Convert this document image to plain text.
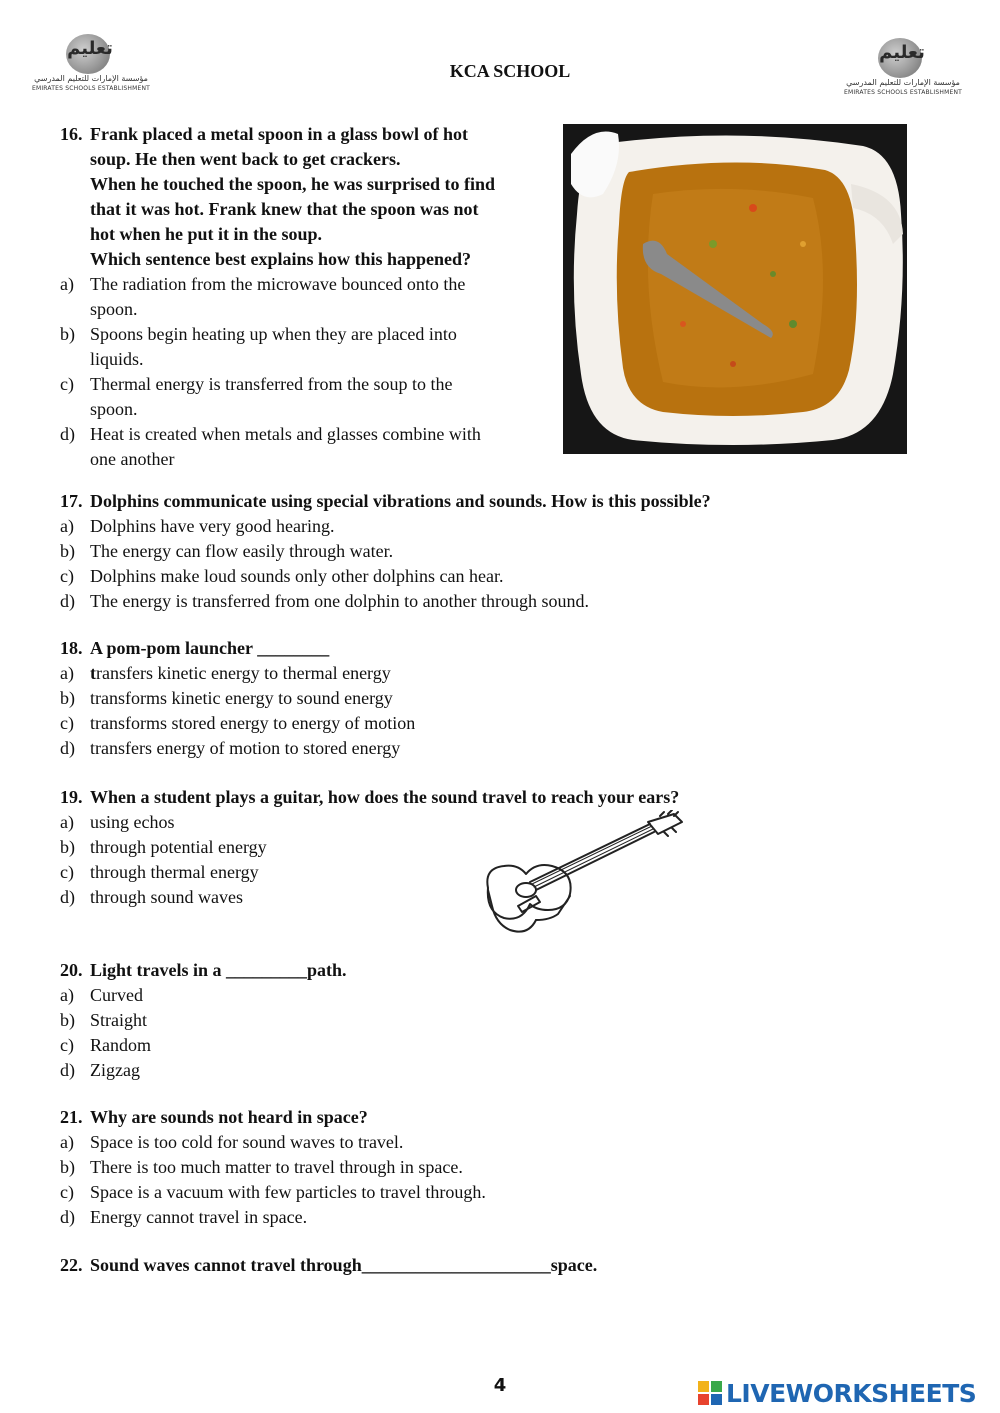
تعليم
مؤسسة الإمارات للتعليم المدرسي
EMIRATES SCHOOLS ESTABLISHMENT
KCA SCHOOL
تعليم
مؤسسة الإمارات للتعليم المدرسي
EMIRATES SCHOOLS ESTABLISHMENT
16. Frank placed a metal spoon in a glass bowl of hot
soup. He then went back to get crackers.
When he touched the spoon, he was surprised to find
that it was hot. Frank knew that the spoon was not
hot when he put it in the soup.
Which sentence best explains how this happened?
a) The radiation from the microwave bounced onto the
spoon.
b) Spoons begin heating up when they are placed into
liquids.
c) Thermal energy is transferred from the soup to the
spoon.
d) Heat is created when metals and glasses combine with
one another
17. Dolphins communicate using special vibrations and sounds. How is this possible?
a) Dolphins have very good hearing.
b) The energy can flow easily through water.
c) Dolphins make loud sounds only other dolphins can hear.
d) The energy is transferred from one dolphin to another through sound.
18. A pom-pom launcher ________
a) transfers kinetic energy to thermal energy
b) transforms kinetic energy to sound energy
c) transforms stored energy to energy of motion
d) transfers energy of motion to stored energy
19. When a student plays a guitar, how does the sound travel to reach your ears?
a) using echos
b) through potential energy
c) through thermal energy
d) through sound waves
20. Light travels in a _________path.
a) Curved
b) Straight
c) Random
d) Zigzag
21. Why are sounds not heard in space?
a) Space is too cold for sound waves to travel.
b) There is too much matter to travel through in space.
c) Space is a vacuum with few particles to travel through.
d) Energy cannot travel in space.
22. Sound waves cannot travel through_____________________space.
4	LIVEWORKSHEETS
